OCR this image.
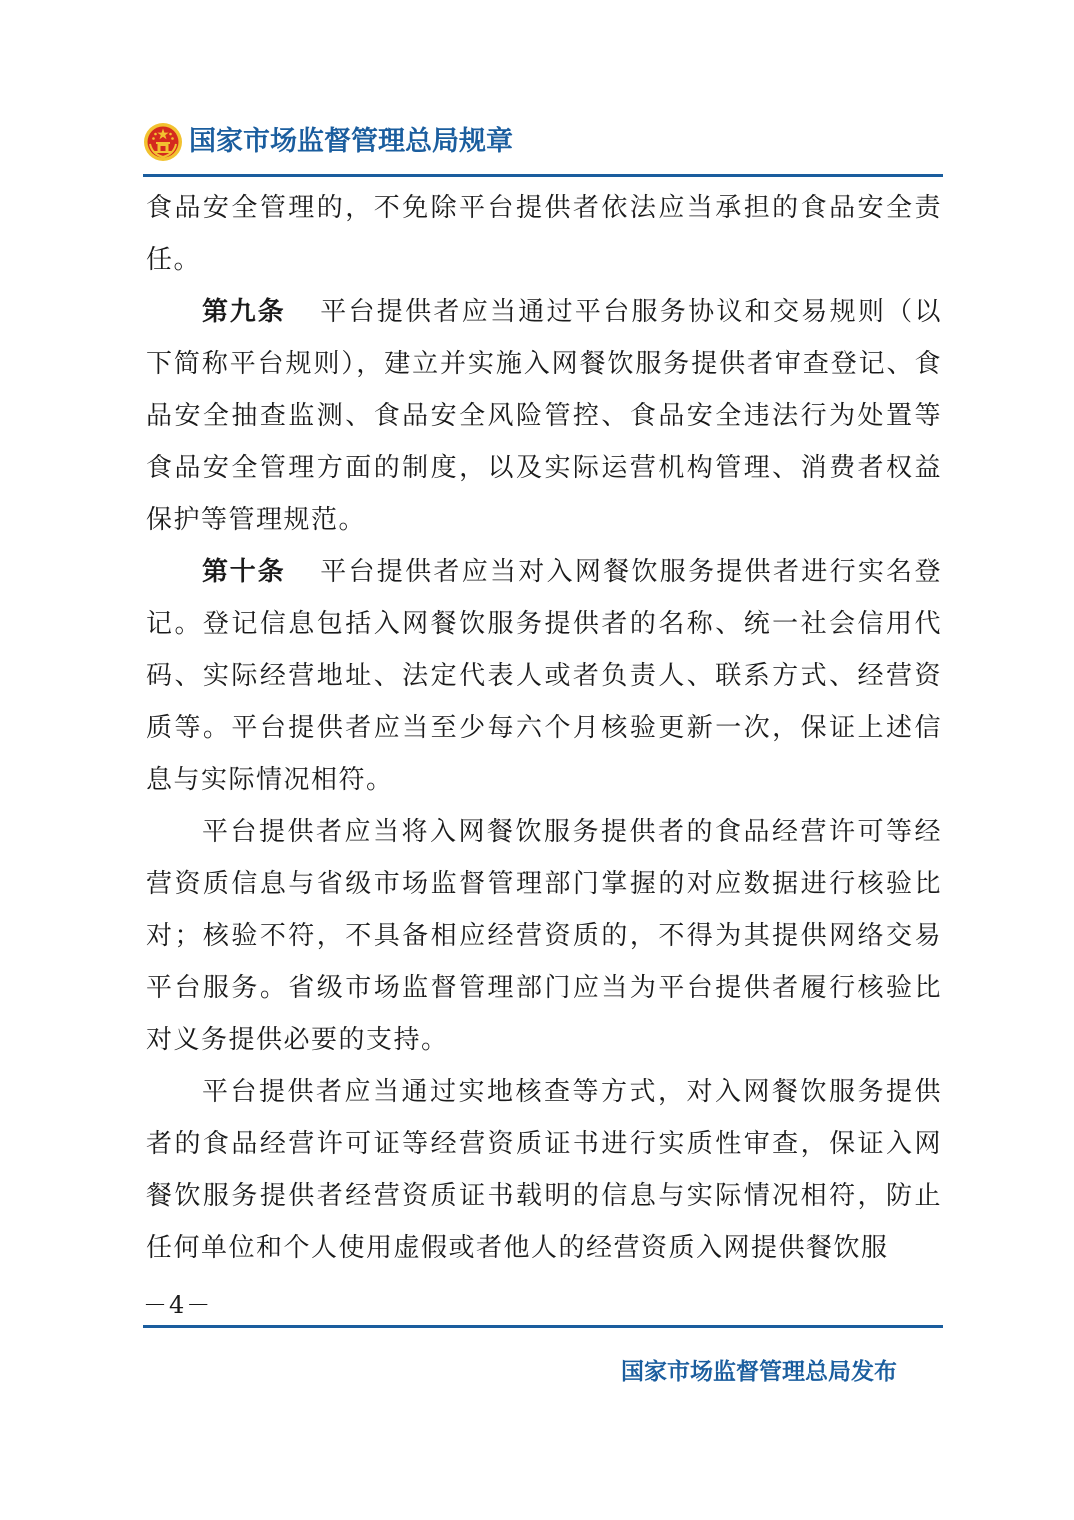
国家市场监督管理总局规章

食品安全管理的，不免除平台提供者依法应当承担的食品安全责任。

第九条 平台提供者应当通过平台服务协议和交易规则（以下简称平台规则），建立并实施入网餐饮服务提供者审查登记、食品安全抽查监测、食品安全风险管控、食品安全违法行为处置等食品安全管理方面的制度，以及实际运营机构管理、消费者权益保护等管理规范。

第十条 平台提供者应当对入网餐饮服务提供者进行实名登记。登记信息包括入网餐饮服务提供者的名称、统一社会信用代码、实际经营地址、法定代表人或者负责人、联系方式、经营资质等。平台提供者应当至少每六个月核验更新一次，保证上述信息与实际情况相符。

平台提供者应当将入网餐饮服务提供者的食品经营许可等经营资质信息与省级市场监督管理部门掌握的对应数据进行核验比对；核验不符，不具备相应经营资质的，不得为其提供网络交易平台服务。省级市场监督管理部门应当为平台提供者履行核验比对义务提供必要的支持。

平台提供者应当通过实地核查等方式，对入网餐饮服务提供者的食品经营许可证等经营资质证书进行实质性审查，保证入网餐饮服务提供者经营资质证书载明的信息与实际情况相符，防止任何单位和个人使用虚假或者他人的经营资质入网提供餐饮服

－4－
国家市场监督管理总局发布
